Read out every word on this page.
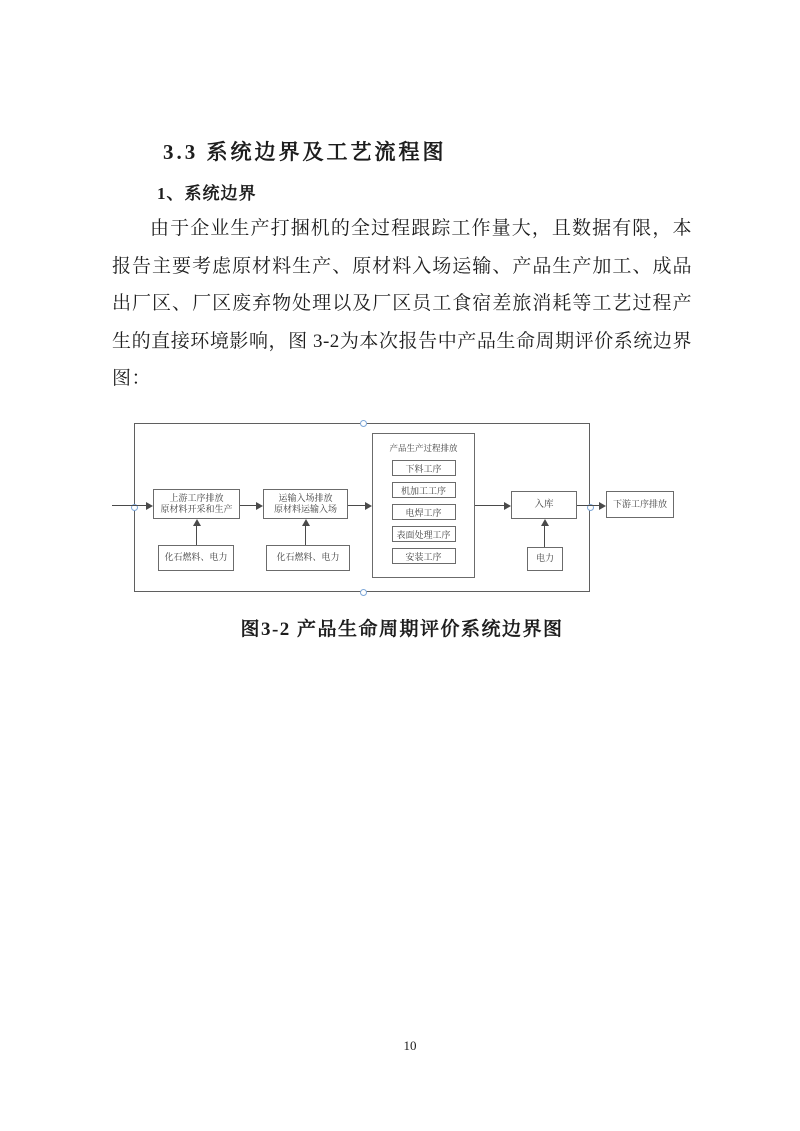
3.3 系统边界及工艺流程图
1、系统边界
由于企业生产打捆机的全过程跟踪工作量大，且数据有限，本
报告主要考虑原材料生产、原材料入场运输、产品生产加工、成品
出厂区、厂区废弃物处理以及厂区员工食宿差旅消耗等工艺过程产
生的直接环境影响，图 3-2为本次报告中产品生命周期评价系统边界
图：
上游工序排放
原材料开采和生产
运输入场排放
原材料运输入场
化石燃料、电力	化石燃料、电力
产品生产过程排放
下料工序
机加工工序
电焊工序
表面处理工序
安装工序
入库
电力
下游工序排放
图3-2 产品生命周期评价系统边界图
10
